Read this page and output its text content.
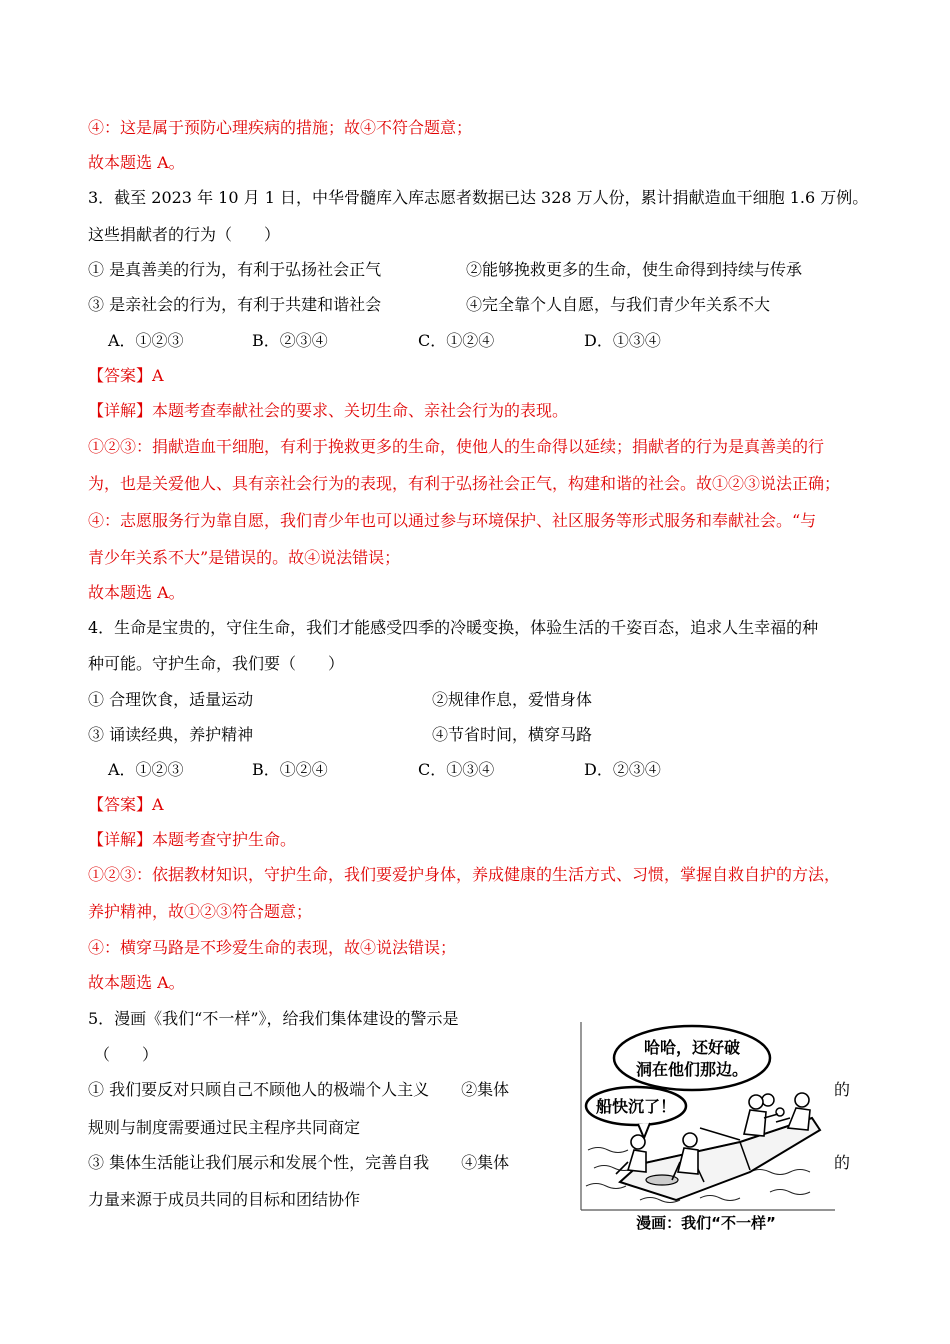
④：这是属于预防心理疾病的措施；故④不符合题意；
故本题选 A。
3．截至 2023 年 10 月 1 日，中华骨髓库入库志愿者数据已达 328 万人份，累计捐献造血干细胞 1.6 万例。
这些捐献者的行为（　　）
① 是真善美的行为，有利于弘扬社会正气	②能够挽救更多的生命，使生命得到持续与传承
③ 是亲社会的行为，有利于共建和谐社会	④完全靠个人自愿，与我们青少年关系不大
A．①②③	B．②③④	C．①②④	D．①③④
【答案】A
【详解】本题考查奉献社会的要求、关切生命、亲社会行为的表现。
①②③：捐献造血干细胞，有利于挽救更多的生命，使他人的生命得以延续；捐献者的行为是真善美的行
为，也是关爱他人、具有亲社会行为的表现，有利于弘扬社会正气，构建和谐的社会。故①②③说法正确；
④：志愿服务行为靠自愿，我们青少年也可以通过参与环境保护、社区服务等形式服务和奉献社会。“与
青少年关系不大”是错误的。故④说法错误；
故本题选 A。
4．生命是宝贵的，守住生命，我们才能感受四季的冷暖变换，体验生活的千姿百态，追求人生幸福的种
种可能。守护生命，我们要（　　）
① 合理饮食，适量运动	②规律作息，爱惜身体
③ 诵读经典，养护精神	④节省时间，横穿马路
A．①②③	B．①②④	C．①③④	D．②③④
【答案】A
【详解】本题考查守护生命。
①②③：依据教材知识，守护生命，我们要爱护身体，养成健康的生活方式、习惯，掌握自救自护的方法，
养护精神，故①②③符合题意；
④：横穿马路是不珍爱生命的表现，故④说法错误；
故本题选 A。
5．漫画《我们“不一样”》，给我们集体建设的警示是
（　　）
① 我们要反对只顾自己不顾他人的极端个人主义　　②集体	的
规则与制度需要通过民主程序共同商定
③ 集体生活能让我们展示和发展个性，完善自我　　④集体	的
力量来源于成员共同的目标和团结协作
哈哈，还好破
洞在他们那边。
船快沉了！
漫画：我们“不一样”
